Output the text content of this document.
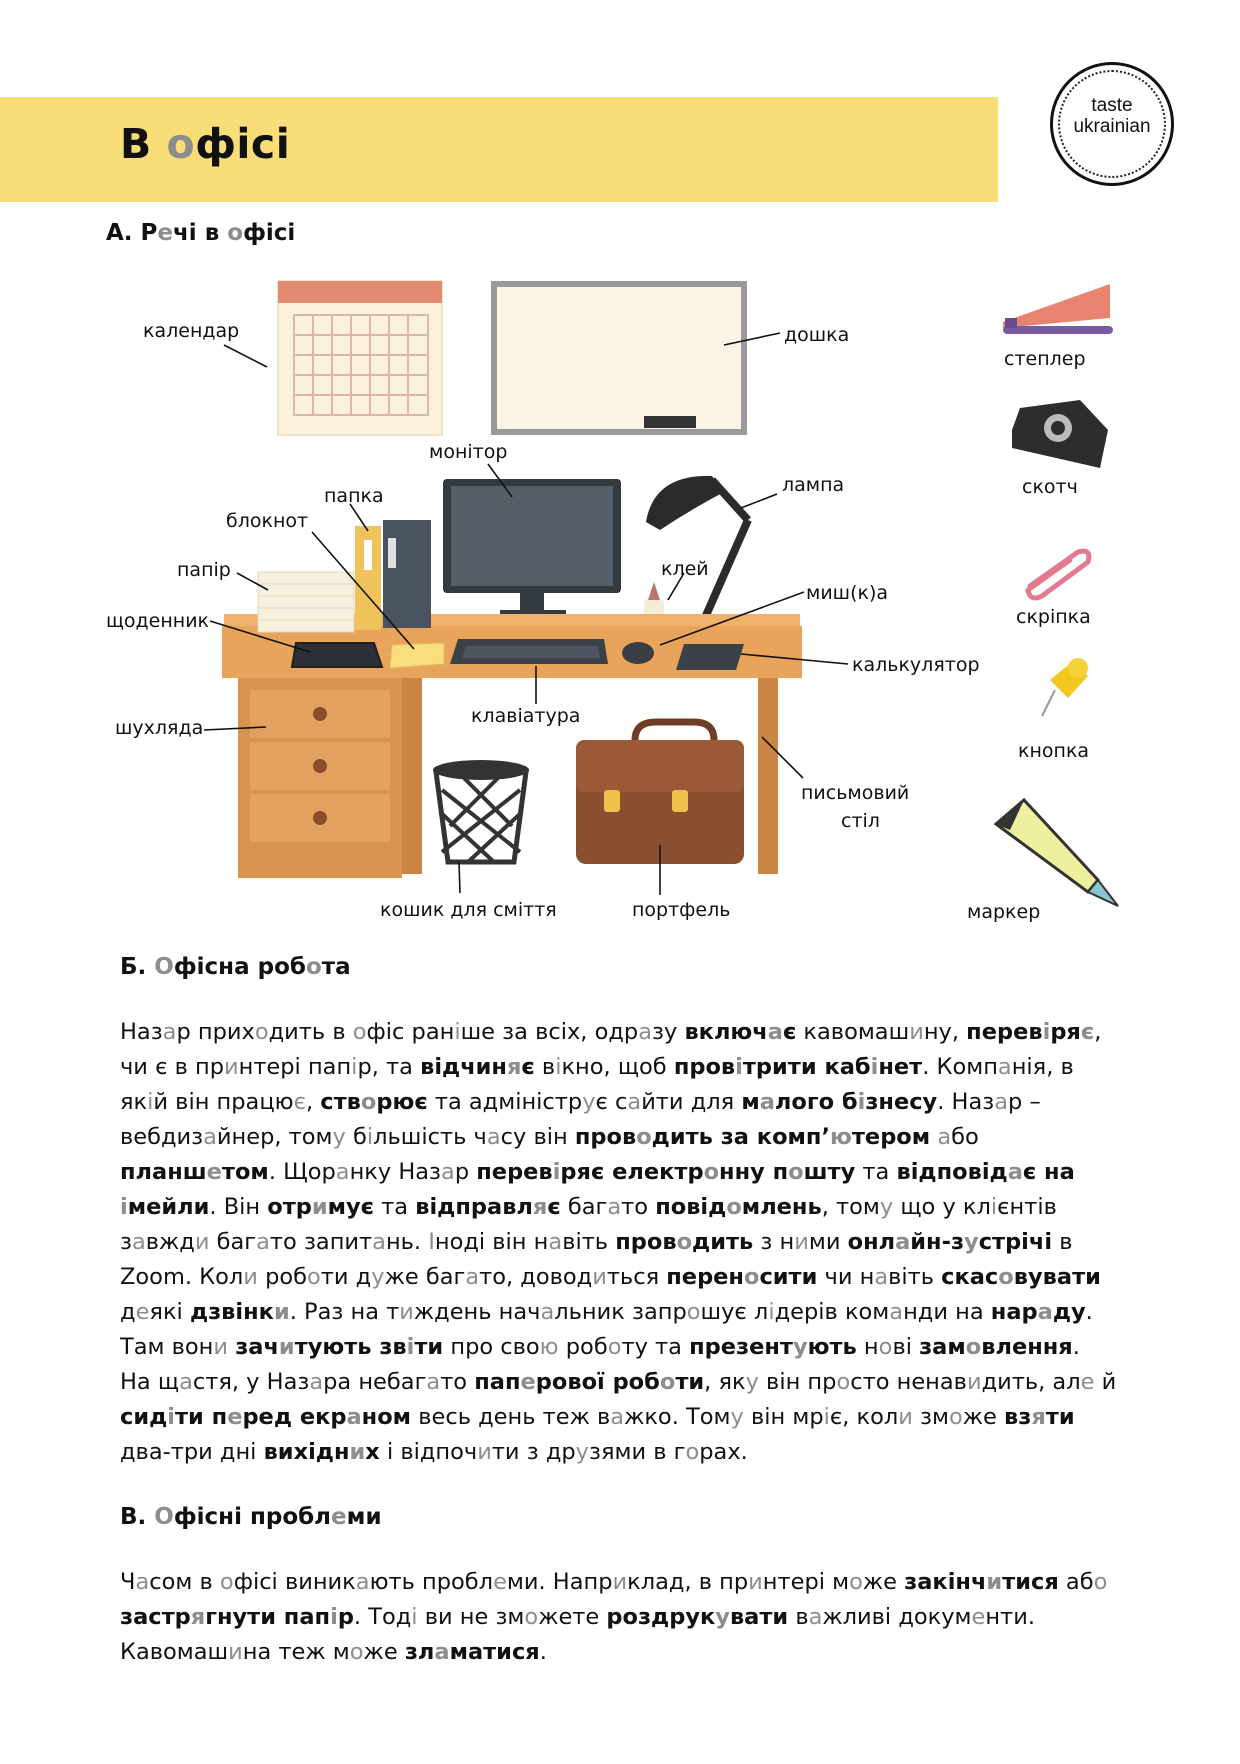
В офісі
taste
ukrainian
А. Речі в офісі
календар	дошка
степлер
монітор
лампа	скотч
папка
блокнот
папір	клей
миш(к)а
скріпка
щоденник
калькулятор
шухляда
клавіатура
кнопка
письмовий
стіл
кошик для сміття	портфель	маркер
Б. Офісна робота

Назар приходить в офіс раніше за всіх, одразу включає кавомашину, перевіряє,

чи є в принтері папір, та відчиняє вікно, щоб провітрити кабінет. Компанія, в

якій він працює, створює та адмініструє сайти для малого бізнесу. Назар –

вебдизайнер, тому більшість часу він проводить за комп’ютером або

планшетом. Щоранку Назар перевіряє електронну пошту та відповідає на

імейли. Він отримує та відправляє багато повідомлень, тому що у клієнтів

завжди багато запитань. Іноді він навіть проводить з ними онлайн-зустрічі в

Zoom. Коли роботи дуже багато, доводиться переносити чи навіть скасовувати

деякі дзвінки. Раз на тиждень начальник запрошує лідерів команди на нараду.

Там вони зачитують звіти про свою роботу та презентують нові замовлення.

На щастя, у Назара небагато паперової роботи, яку він просто ненавидить, але й

сидіти перед екраном весь день теж важко. Тому він мріє, коли зможе взяти

два-три дні вихідних і відпочити з друзями в горах.

В. Офісні проблеми

Часом в офісі виникають проблеми. Наприклад, в принтері може закінчитися або

застрягнути папір. Тоді ви не зможете роздрукувати важливі документи.

Кавомашина теж може зламатися.
